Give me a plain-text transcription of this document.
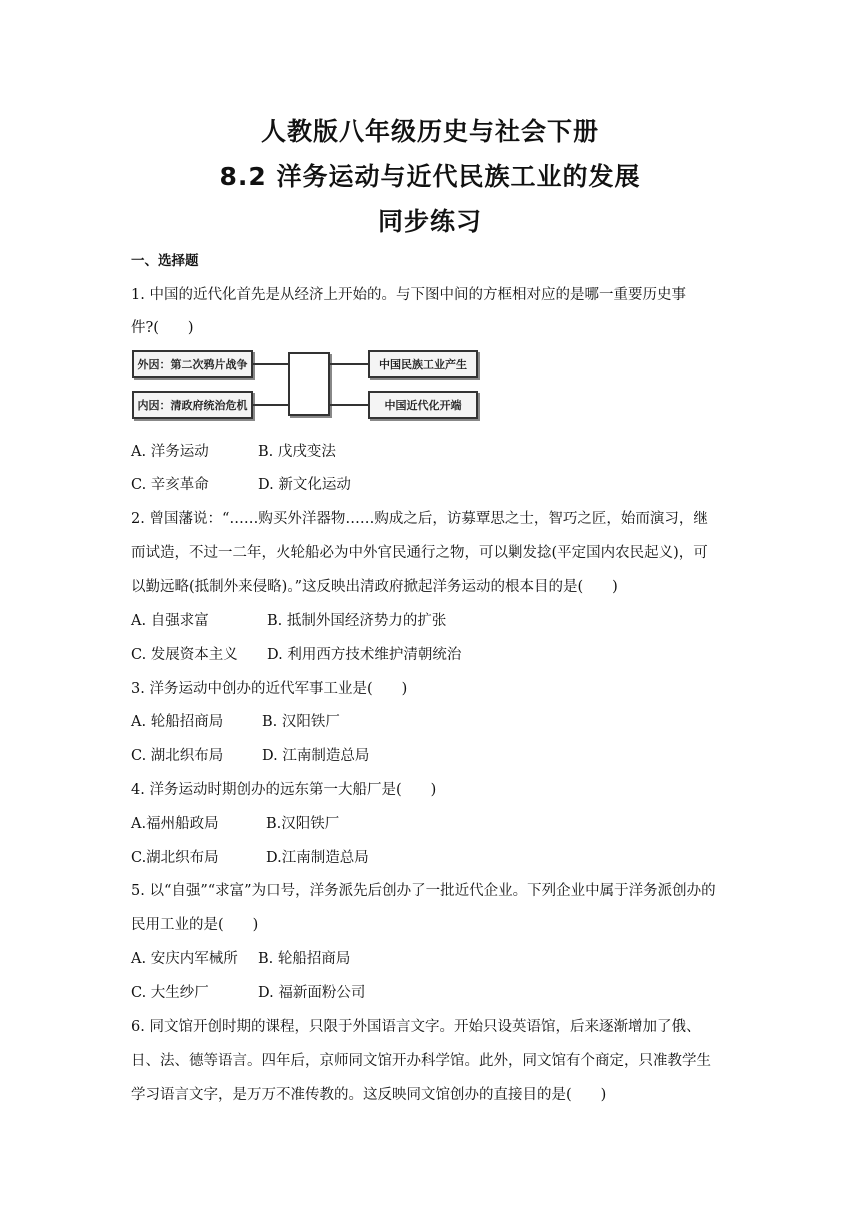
人教版八年级历史与社会下册
8.2 洋务运动与近代民族工业的发展
同步练习
一、选择题
1. 中国的近代化首先是从经济上开始的。与下图中间的方框相对应的是哪一重要历史事
件?(　　)
外因：第二次鸦片战争
内因：清政府统治危机
中国民族工业产生
中国近代化开端
A. 洋务运动	B. 戊戌变法
C. 辛亥革命	D. 新文化运动
2. 曾国藩说：“……购买外洋器物……购成之后，访募覃思之士，智巧之匠，始而演习，继
而试造，不过一二年，火轮船必为中外官民通行之物，可以剿发捻(平定国内农民起义)，可
以勤远略(抵制外来侵略)。”这反映出清政府掀起洋务运动的根本目的是(　　)
A. 自强求富	B. 抵制外国经济势力的扩张
C. 发展资本主义 D. 利用西方技术维护清朝统治
3. 洋务运动中创办的近代军事工业是(　　)
A. 轮船招商局	B. 汉阳铁厂
C. 湖北织布局	D. 江南制造总局
4. 洋务运动时期创办的远东第一大船厂是(　　)
A.福州船政局	B.汉阳铁厂
C.湖北织布局	D.江南制造总局
5. 以“自强”“求富”为口号，洋务派先后创办了一批近代企业。下列企业中属于洋务派创办的
民用工业的是(　　)
A. 安庆内军械所 B. 轮船招商局
C. 大生纱厂	D. 福新面粉公司
6. 同文馆开创时期的课程，只限于外国语言文字。开始只设英语馆，后来逐渐增加了俄、
日、法、德等语言。四年后，京师同文馆开办科学馆。此外，同文馆有个商定，只准教学生
学习语言文字，是万万不准传教的。这反映同文馆创办的直接目的是(　　)
